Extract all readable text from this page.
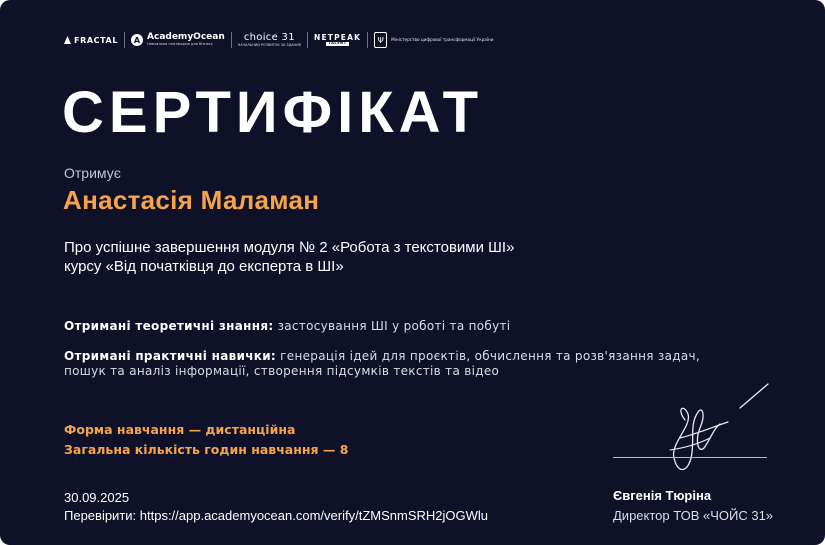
FRACTAL	A AcademyOcean
Навчальна платформа для бізнесу
choice 31
НАЧАЛЬНИЙ РОЗВИТОК ЗА ЗДАНИЯ
NETPEAK
TALENT	Ψ	Міністерство цифрової трансформації України
СЕРТИФІКАТ
Отримує
Анастасія Маламан
Про успішне завершення модуля № 2 «Робота з текстовими ШІ»
курсу «Від початківця до експерта в ШІ»
Отримані теоретичні знання: застосування ШІ у роботі та побуті
Отримані практичні навички: генерація ідей для проєктів, обчислення та розв'язання задач, пошук та аналіз інформації, створення підсумків текстів та відео
Форма навчання — дистанційна
Загальна кількість годин навчання — 8
30.09.2025
Перевірити: https://app.academyocean.com/verify/tZMSnmSRH2jOGWlu
Євгенія Тюріна
Директор ТОВ «ЧОЙС 31»
